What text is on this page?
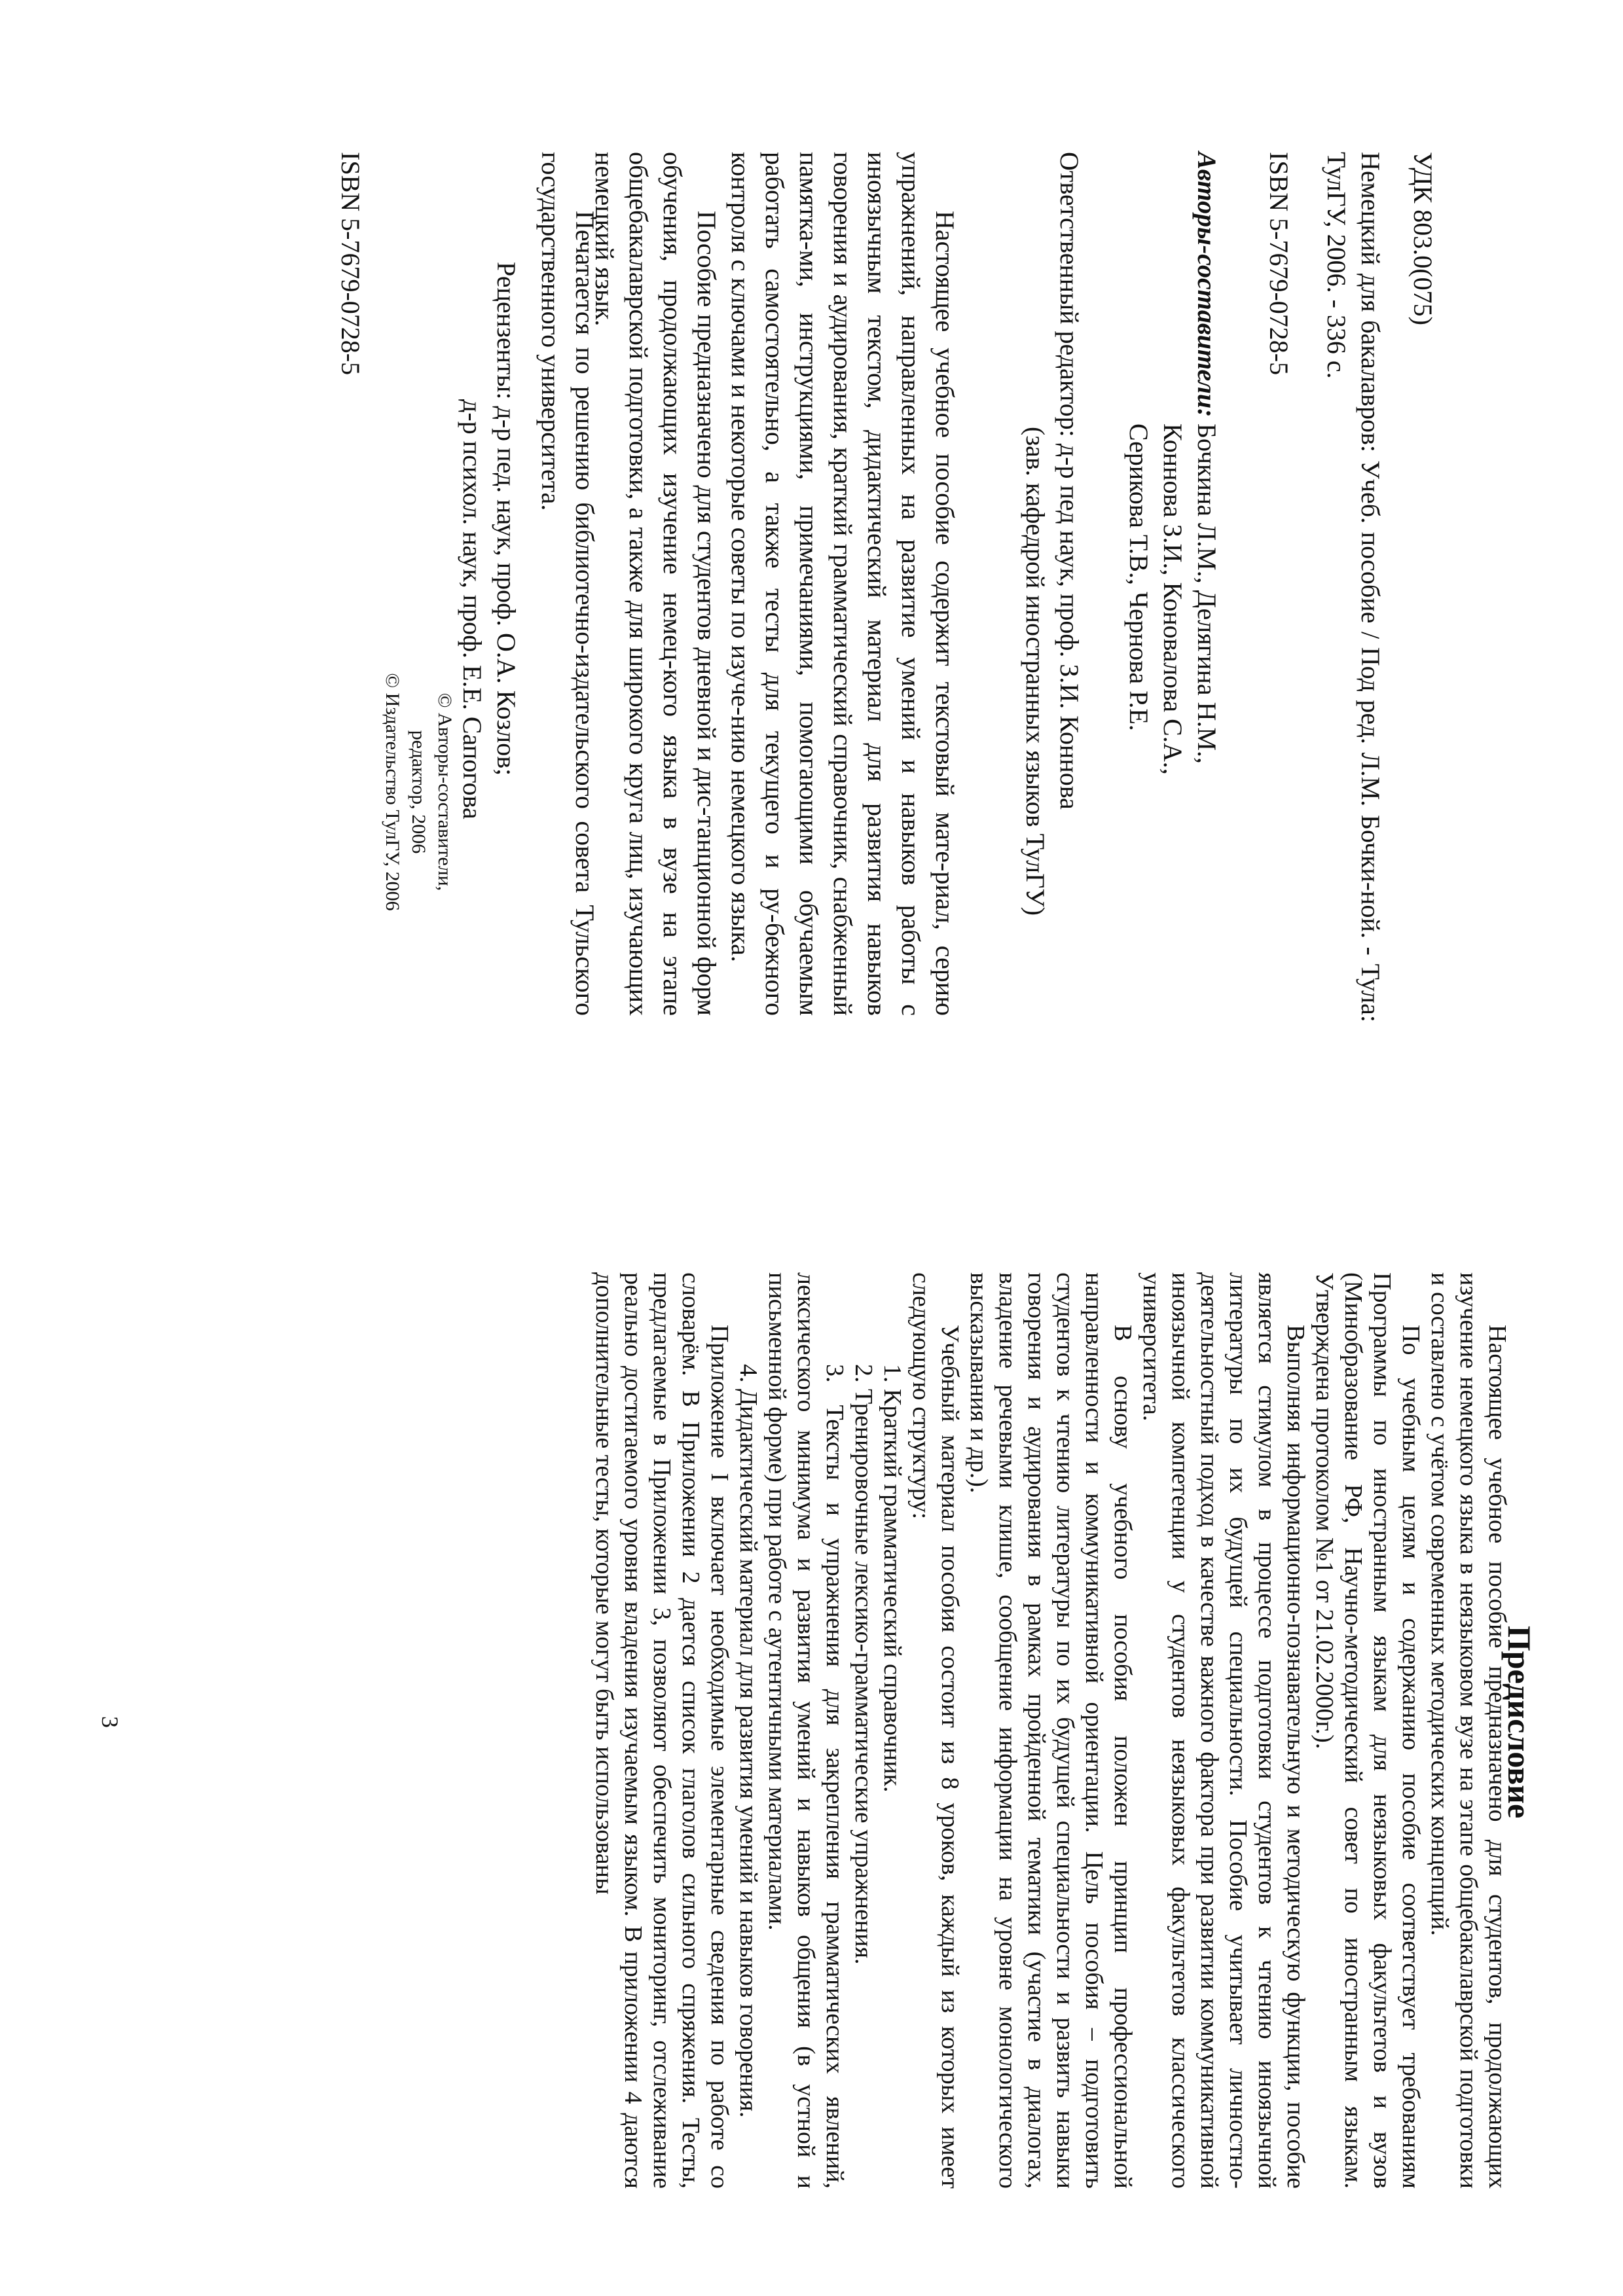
УДК 803.0(075)

Немецкий для бакалавров: Учеб. пособие / Под ред. Л.М. Бочки-ной. - Тула: ТулГУ, 2006. - 336 с.

ISBN 5-7679-0728-5

Авторы-составители:
Бочкина Л.М., Делягина Н.М.,
Коннова З.И., Коновалова С.А.,
Серикова Т.В., Чернова Р.Е.
Ответственный редактор: д-р пед наук, проф. З.И. Коннова
(зав. кафедрой иностранных языков ТулГУ)

Настоящее учебное пособие содержит текстовый мате-риал, серию упражнений, направленных на развитие умений и навыков работы с иноязычным текстом, дидактический материал для развития навыков говорения и аудирования, краткий грамматический справочник, снабженный памятка-ми, инструкциями, примечаниями, помогающими обучаемым работать самостоятельно, а также тесты для текущего и ру-бежного контроля с ключами и некоторые советы по изуче-нию немецкого языка.

Пособие предназначено для студентов дневной и дис-танционной форм обучения, продолжающих изучение немец-кого языка в вузе на этапе общебакалаврской подготовки, а также для широкого круга лиц, изучающих немецкий язык.

Печатается по решению библиотечно-издательского совета Тульского государственного университета.

Рецензенты: д-р пед. наук, проф. О.А. Козлов;
д-р психол. наук, проф. Е.Е. Сапогова
© Авторы-составители,
редактор, 2006
© Издательство ТулГУ, 2006

ISBN 5-7679-0728-5

Предисловие

Настоящее учебное пособие предназначено для студентов, продолжающих изучение немецкого языка в неязыковом вузе на этапе общебакалаврской подготовки и составлено с учётом современных методических концепций.

По учебным целям и содержанию пособие соответствует требованиям Программы по иностранным языкам для неязыковых факультетов и вузов (Минобразование РФ, Научно-методический совет по иностранным языкам. Утверждена протоколом №1 от 21.02.2000г.).

Выполняя информационно-познавательную и методическую функции, пособие является стимулом в процессе подготовки студентов к чтению иноязычной литературы по их будущей специальности. Пособие учитывает личностно-деятельностный подход в качестве важного фактора при развитии коммуникативной иноязычной компетенции у студентов неязыковых факультетов классического университета.

В основу учебного пособия положен принцип профессиональной направленности и коммуникативной ориентации. Цель пособия – подготовить студентов к чтению литературы по их будущей специальности и развить навыки говорения и аудирования в рамках пройденной тематики (участие в диалогах, владение речевыми клише, сообщение информации на уровне монологического высказывания и др.).

Учебный материал пособия состоит из 8 уроков, каждый из которых имеет следующую структуру:

1. Краткий грамматический справочник.

2. Тренировочные лексико-грамматические упражнения.

3. Тексты и упражнения для закрепления грамматических явлений, лексического минимума и развития умений и навыков общения (в устной и письменной форме) при работе с аутентичными материалами.

4. Дидактический материал для развития умений и навыков говорения.

Приложение I включает необходимые элементарные сведения по работе со словарём. В Приложении 2 дается список глаголов сильного спряжения. Тесты, предлагаемые в Приложении 3, позволяют обеспечить мониторинг, отслеживание реально достигаемого уровня владения изучаемым языком. В приложении 4 даются дополнительные тесты, которые могут быть использованы

3
